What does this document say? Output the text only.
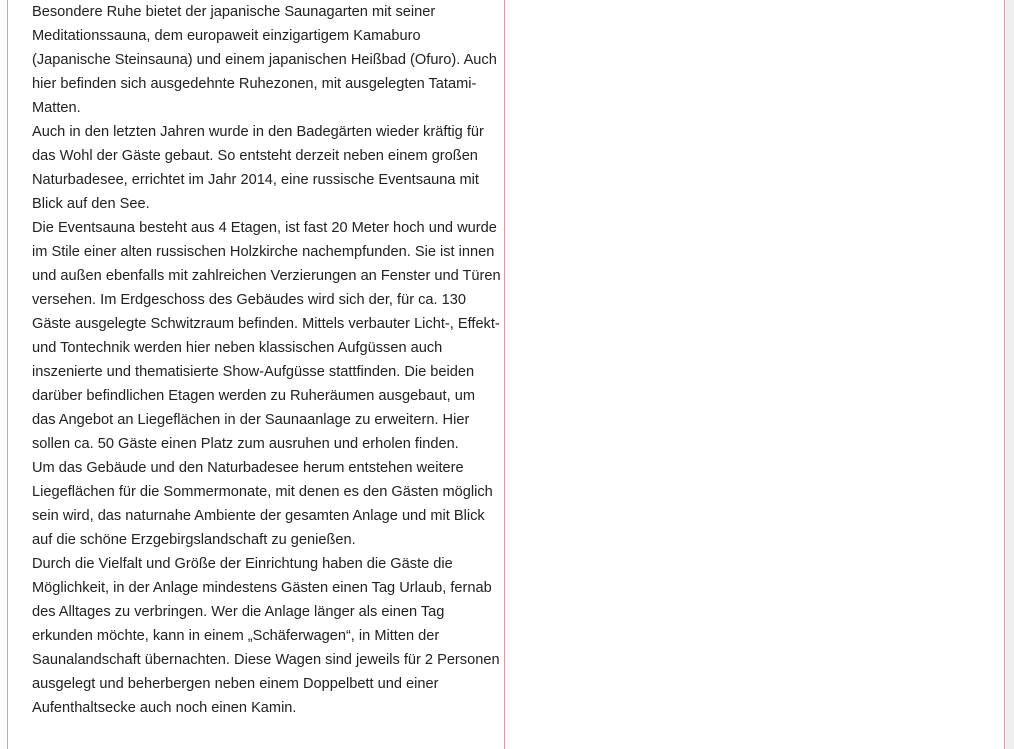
Besondere Ruhe bietet der japanische Saunagarten mit seiner Meditationssauna, dem europaweit einzigartigem Kamaburo (Japanische Steinsauna) und einem japanischen Heißbad (Ofuro). Auch hier befinden sich ausgedehnte Ruhezonen, mit ausgelegten Tatami-Matten.

Auch in den letzten Jahren wurde in den Badegärten wieder kräftig für das Wohl der Gäste gebaut. So entsteht derzeit neben einem großen Naturbadesee, errichtet im Jahr 2014, eine russische Eventsauna mit Blick auf den See.

Die Eventsauna besteht aus 4 Etagen, ist fast 20 Meter hoch und wurde im Stile einer alten russischen Holzkirche nachempfunden. Sie ist innen und außen ebenfalls mit zahlreichen Verzierungen an Fenster und Türen versehen. Im Erdgeschoss des Gebäudes wird sich der, für ca. 130 Gäste ausgelegte Schwitzraum befinden. Mittels verbauter Licht-, Effekt- und Tontechnik werden hier neben klassischen Aufgüssen auch inszenierte und thematisierte Show-Aufgüsse stattfinden. Die beiden darüber befindlichen Etagen werden zu Ruheräumen ausgebaut, um das Angebot an Liegeflächen in der Saunaanlage zu erweitern. Hier sollen ca. 50 Gäste einen Platz zum ausruhen und erholen finden.

Um das Gebäude und den Naturbadesee herum entstehen weitere Liegeflächen für die Sommermonate, mit denen es den Gästen möglich sein wird, das naturnahe Ambiente der gesamten Anlage und mit Blick auf die schöne Erzgebirgslandschaft zu genießen.

Durch die Vielfalt und Größe der Einrichtung haben die Gäste die Möglichkeit, in der Anlage mindestens Gästen einen Tag Urlaub, fernab des Alltages zu verbringen. Wer die Anlage länger als einen Tag erkunden möchte, kann in einem „Schäferwagen“, in Mitten der Saunalandschaft übernachten. Diese Wagen sind jeweils für 2 Personen ausgelegt und beherbergen neben einem Doppelbett und einer Aufenthaltsecke auch noch einen Kamin.
